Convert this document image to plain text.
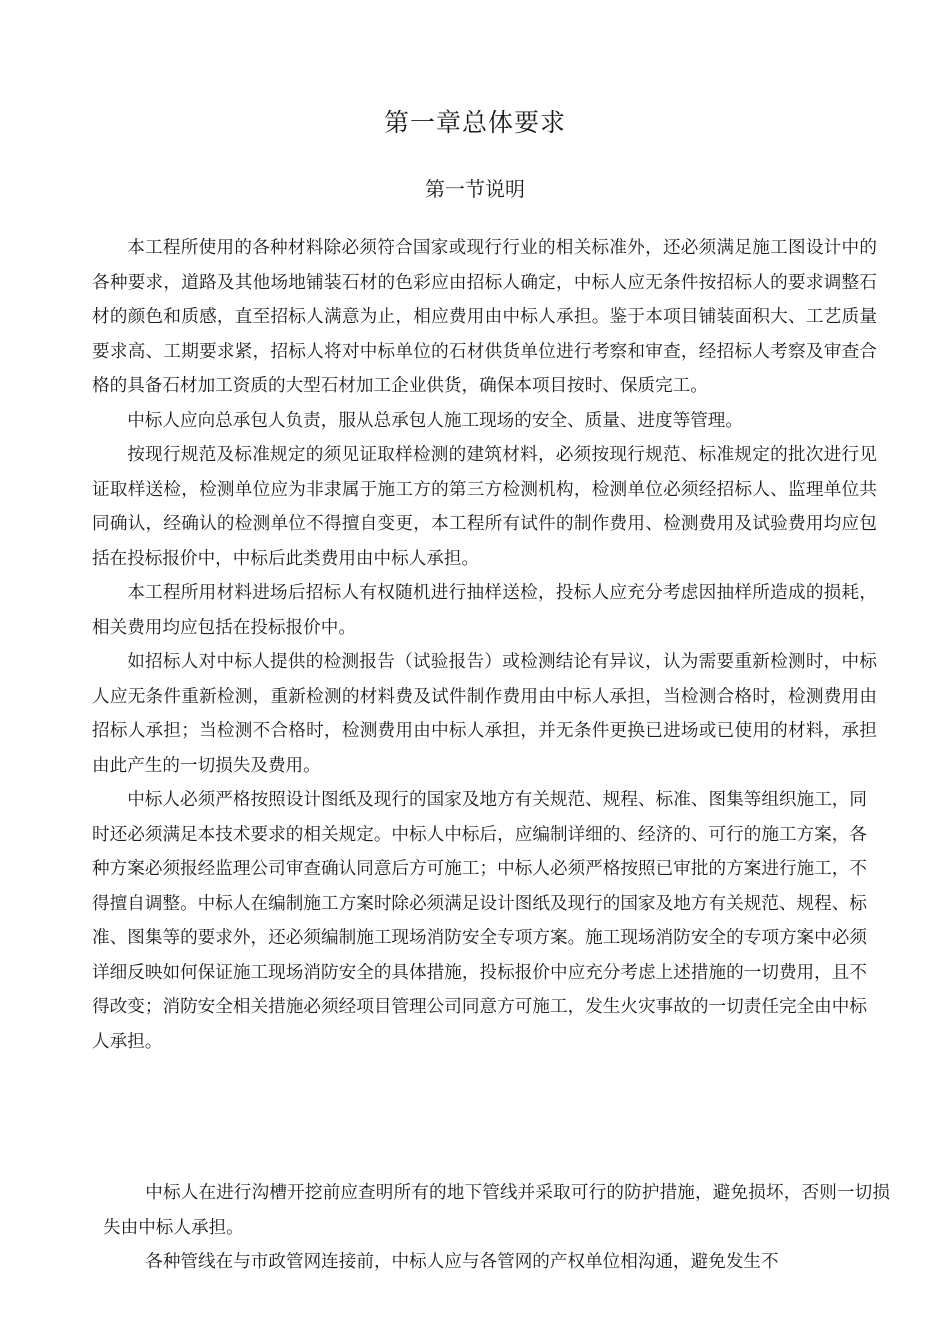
第一章总体要求
第一节说明

本工程所使用的各种材料除必须符合国家或现行行业的相关标准外，还必须满足施工图设计中的各种要求，道路及其他场地铺装石材的色彩应由招标人确定，中标人应无条件按招标人的要求调整石材的颜色和质感，直至招标人满意为止，相应费用由中标人承担。鉴于本项目铺装面积大、工艺质量要求高、工期要求紧，招标人将对中标单位的石材供货单位进行考察和审查，经招标人考察及审查合格的具备石材加工资质的大型石材加工企业供货，确保本项目按时、保质完工。

中标人应向总承包人负责，服从总承包人施工现场的安全、质量、进度等管理。

按现行规范及标准规定的须见证取样检测的建筑材料，必须按现行规范、标准规定的批次进行见证取样送检，检测单位应为非隶属于施工方的第三方检测机构，检测单位必须经招标人、监理单位共同确认，经确认的检测单位不得擅自变更，本工程所有试件的制作费用、检测费用及试验费用均应包括在投标报价中，中标后此类费用由中标人承担。

本工程所用材料进场后招标人有权随机进行抽样送检，投标人应充分考虑因抽样所造成的损耗，相关费用均应包括在投标报价中。

如招标人对中标人提供的检测报告（试验报告）或检测结论有异议，认为需要重新检测时，中标人应无条件重新检测，重新检测的材料费及试件制作费用由中标人承担，当检测合格时，检测费用由招标人承担；当检测不合格时，检测费用由中标人承担，并无条件更换已进场或已使用的材料，承担由此产生的一切损失及费用。

中标人必须严格按照设计图纸及现行的国家及地方有关规范、规程、标准、图集等组织施工，同时还必须满足本技术要求的相关规定。中标人中标后，应编制详细的、经济的、可行的施工方案，各种方案必须报经监理公司审查确认同意后方可施工；中标人必须严格按照已审批的方案进行施工，不得擅自调整。中标人在编制施工方案时除必须满足设计图纸及现行的国家及地方有关规范、规程、标准、图集等的要求外，还必须编制施工现场消防安全专项方案。施工现场消防安全的专项方案中必须详细反映如何保证施工现场消防安全的具体措施，投标报价中应充分考虑上述措施的一切费用，且不得改变；消防安全相关措施必须经项目管理公司同意方可施工，发生火灾事故的一切责任完全由中标人承担。

中标人在进行沟槽开挖前应查明所有的地下管线并采取可行的防护措施，避免损坏，否则一切损失由中标人承担。

各种管线在与市政管网连接前，中标人应与各管网的产权单位相沟通，避免发生不
